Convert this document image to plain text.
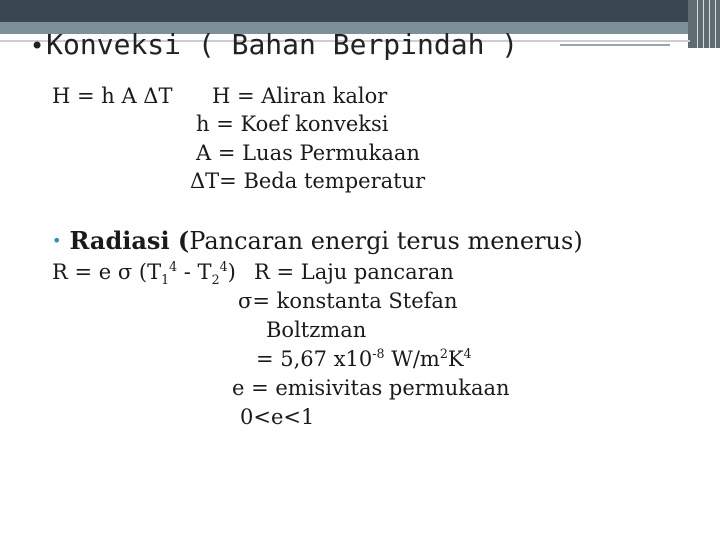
•Konveksi ( Bahan Berpindah )
H = h A ΔT H = Aliran kalor
h = Koef konveksi
A = Luas Permukaan
ΔT= Beda temperatur
• Radiasi (Pancaran energi terus menerus)
R = e σ $(T_1^4 - T_2^4) R$ = Laju pancaran
σ= konstanta Stefan
Boltzman
= 5,67 $x10^{-8}$ $W/m^2K^4$
e = emisivitas permukaan
0<e<1
